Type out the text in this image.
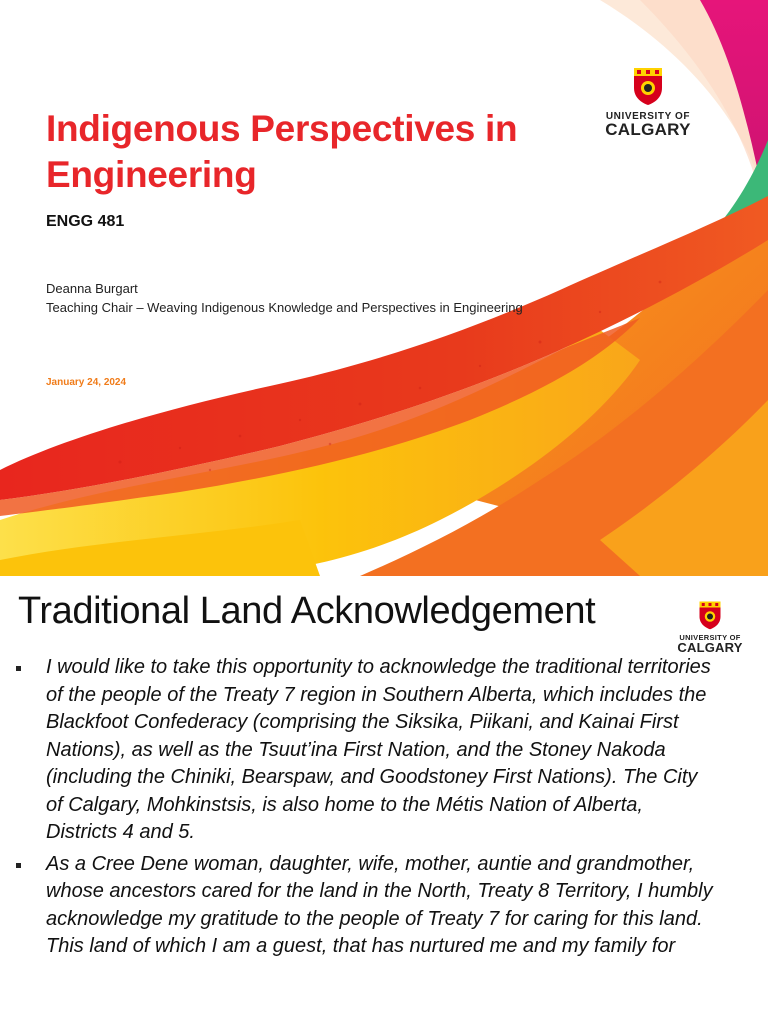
Indigenous Perspectives in Engineering

ENGG 481

Deanna Burgart
Teaching Chair – Weaving Indigenous Knowledge and Perspectives in Engineering

January 24, 2024

UNIVERSITY OF
CALGARY
Traditional Land Acknowledgement
UNIVERSITY OF
CALGARY
I would like to take this opportunity to acknowledge the traditional territories of the people of the Treaty 7 region in Southern Alberta, which includes the Blackfoot Confederacy (comprising the Siksika, Piikani, and Kainai First Nations), as well as the Tsuut’ina First Nation, and the Stoney Nakoda (including the Chiniki, Bearspaw, and Goodstoney First Nations). The City of Calgary, Mohkinstsis, is also home to the Métis Nation of Alberta, Districts 4 and 5.
As a Cree Dene woman, daughter, wife, mother, auntie and grandmother, whose ancestors cared for the land in the North, Treaty 8 Territory, I humbly acknowledge my gratitude to the people of Treaty 7 for caring for this land. This land of which I am a guest, that has nurtured me and my family for
